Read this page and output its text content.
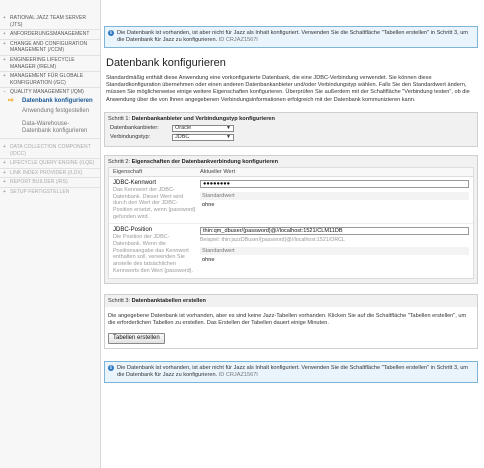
+ RATIONAL JAZZ TEAM SERVER (JTS)
+ ANFORDERUNGSMANAGEMENT
+ CHANGE AND CONFIGURATION MANAGEMENT (/CCM)
+ ENGINEERING LIFECYCLE MANAGER (/RELM)
+ MANAGEMENT FÜR GLOBALE KONFIGURATION (/GC)
− QUALITY MANAGEMENT (/QM)
⇨	Datenbank konfigurieren
Anwendung festgestellen
Data-Warehouse-Datenbank konfigurieren
+ DATA COLLECTION COMPONENT (/DCC)
+ LIFECYCLE QUERY ENGINE (/LQE)
+ LINK INDEX PROVIDER (/LDX)
+ REPORT BUILDER (/RS)
+ SETUP FERTIGSTELLEN
i Die Datenbank ist vorhanden, ist aber nicht für Jazz als Inhalt konfiguriert. Verwenden Sie die Schaltfläche "Tabellen erstellen" in Schritt 3, um die Datenbank für Jazz zu konfigurieren. ID CRJAZ1567I
Datenbank konfigurieren
Standardmäßig enthält diese Anwendung eine vorkonfigurierte Datenbank, die eine JDBC-Verbindung verwendet. Sie können diese Standardkonfiguration übernehmen oder einen anderen Datenbankanbieter und/oder Verbindungstyp wählen. Falls Sie den Standardwert ändern, müssen Sie möglicherweise einige weitere Eigenschaften konfigurieren. Überprüfen Sie außerdem mit der Schaltfläche "Verbindung testen", ob die Anwendung über die von Ihnen angegebenen Verbindungsinformationen erfolgreich mit der Datenbank kommunizieren kann.
Schritt 1: Datenbankanbieter und Verbindungstyp konfigurieren
Datenbankanbieter:	Oracle	▼
Verbindungstyp:	JDBC	▼
Schritt 2: Eigenschaften der Datenbankverbindung konfigurieren
Eigenschaft	Aktueller Wert
JDBC-Kennwort
Das Kennwort der JDBC-Datenbank. Dieser Wert wird durch den Wert der JDBC-Position ersetzt, wenn {password} gefunden wird.
●●●●●●●●
Standardwert
ohne
JDBC-Position
Die Position der JDBC-Datenbank. Wenn die Positionsangabe das Kennwort enthalten soll, verwenden Sie anstelle des tatsächlichen Kennworts den Wert {password}.
thin:qm_dbuser/{password}@//localhost:1521/CLM11DB
Beispiel: thin:jazzDBuser/{password}@//localhost:1521/ORCL
Standardwert
ohne
Schritt 3: Datenbanktabellen erstellen
Die angegebene Datenbank ist vorhanden, aber es sind keine Jazz-Tabellen vorhanden. Klicken Sie auf die Schaltfläche "Tabellen erstellen", um die erforderlichen Tabellen zu erstellen. Das Erstellen der Tabellen dauert einige Minuten.
Tabellen erstellen
i Die Datenbank ist vorhanden, ist aber nicht für Jazz als Inhalt konfiguriert. Verwenden Sie die Schaltfläche "Tabellen erstellen" in Schritt 3, um die Datenbank für Jazz zu konfigurieren. ID CRJAZ1567I
